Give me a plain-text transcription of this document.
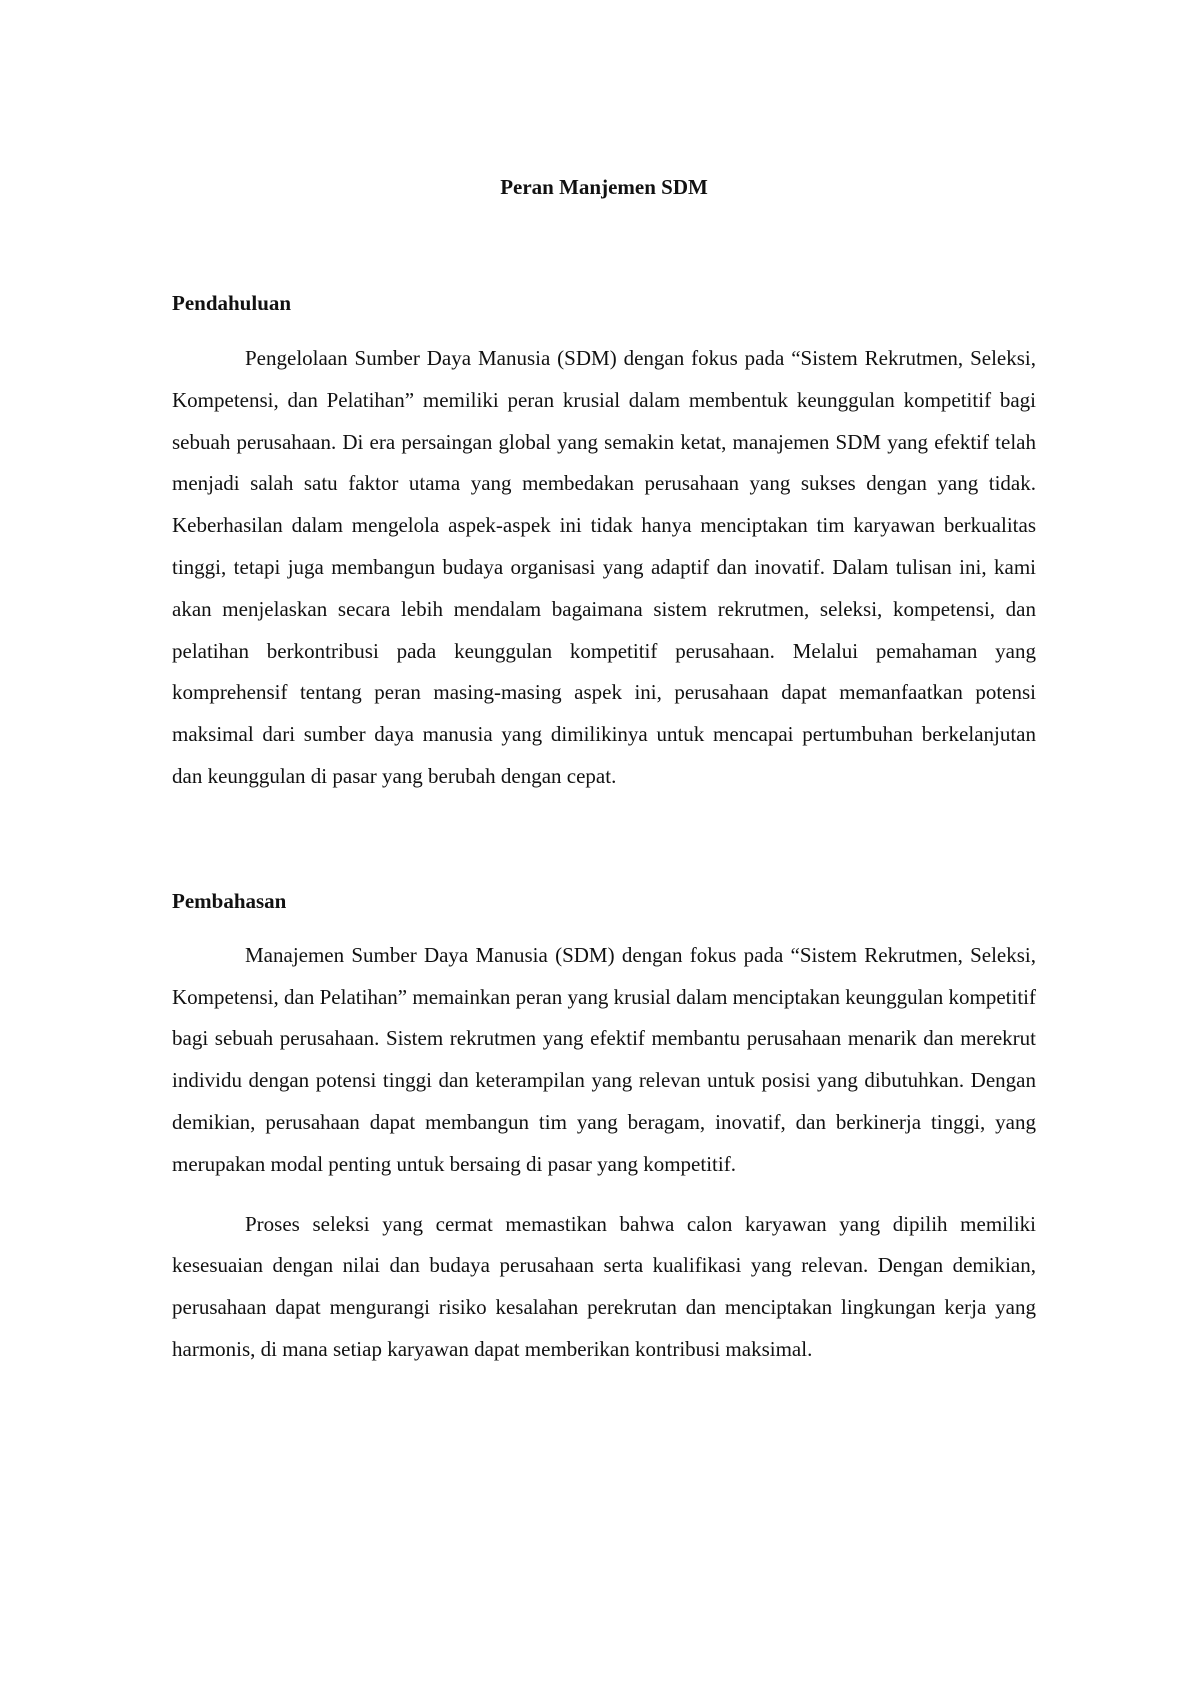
Peran Manjemen SDM
Pendahuluan

Pengelolaan Sumber Daya Manusia (SDM) dengan fokus pada “Sistem Rekrutmen, Seleksi, Kompetensi, dan Pelatihan” memiliki peran krusial dalam membentuk keunggulan kompetitif bagi sebuah perusahaan. Di era persaingan global yang semakin ketat, manajemen SDM yang efektif telah menjadi salah satu faktor utama yang membedakan perusahaan yang sukses dengan yang tidak. Keberhasilan dalam mengelola aspek-aspek ini tidak hanya menciptakan tim karyawan berkualitas tinggi, tetapi juga membangun budaya organisasi yang adaptif dan inovatif. Dalam tulisan ini, kami akan menjelaskan secara lebih mendalam bagaimana sistem rekrutmen, seleksi, kompetensi, dan pelatihan berkontribusi pada keunggulan kompetitif perusahaan. Melalui pemahaman yang komprehensif tentang peran masing-masing aspek ini, perusahaan dapat memanfaatkan potensi maksimal dari sumber daya manusia yang dimilikinya untuk mencapai pertumbuhan berkelanjutan dan keunggulan di pasar yang berubah dengan cepat.

Pembahasan

Manajemen Sumber Daya Manusia (SDM) dengan fokus pada “Sistem Rekrutmen, Seleksi, Kompetensi, dan Pelatihan” memainkan peran yang krusial dalam menciptakan keunggulan kompetitif bagi sebuah perusahaan. Sistem rekrutmen yang efektif membantu perusahaan menarik dan merekrut individu dengan potensi tinggi dan keterampilan yang relevan untuk posisi yang dibutuhkan. Dengan demikian, perusahaan dapat membangun tim yang beragam, inovatif, dan berkinerja tinggi, yang merupakan modal penting untuk bersaing di pasar yang kompetitif.

Proses seleksi yang cermat memastikan bahwa calon karyawan yang dipilih memiliki kesesuaian dengan nilai dan budaya perusahaan serta kualifikasi yang relevan. Dengan demikian, perusahaan dapat mengurangi risiko kesalahan perekrutan dan menciptakan lingkungan kerja yang harmonis, di mana setiap karyawan dapat memberikan kontribusi maksimal.
